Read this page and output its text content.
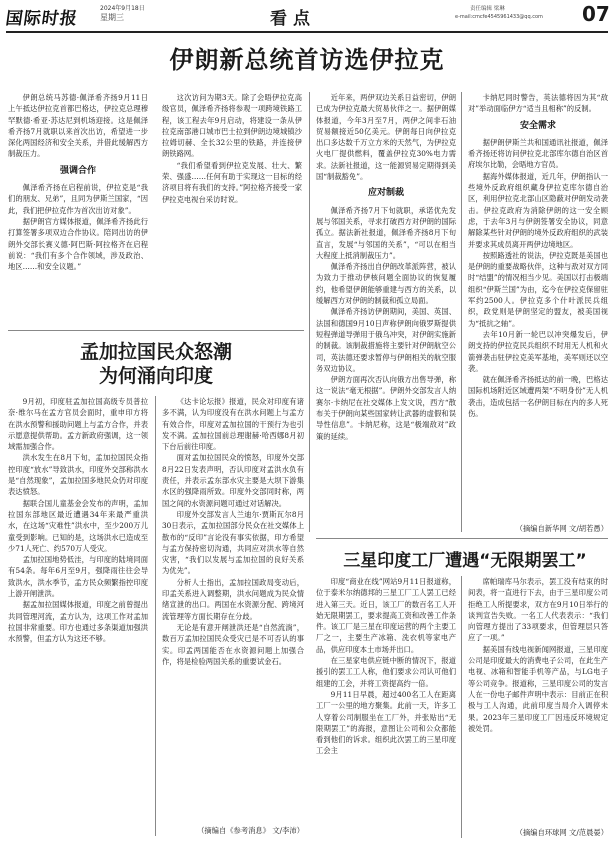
国际时报
2024年9月18日
星期三	看点	责任编辑 梁琳
e-mail:cmcfe4545961433@qq.com 07
伊朗新总统首访选伊拉克

伊朗总统马苏德·佩泽希齐扬9月11日上午抵达伊拉克首都巴格达，伊拉克总理穆罕默德·希亚·苏达尼到机场迎接。这是佩泽希齐扬7月就职以来首次出访，希望进一步深化两国经济和安全关系，并借此缓解西方制裁压力。

强调合作

佩泽希齐扬在启程前说，伊拉克是“我们的朋友、兄弟”，且同为伊斯兰国家，“因此，我们把伊拉克作为首次出访对象”。

据伊朗官方媒体报道，佩泽希齐扬此行打算签署多项双边合作协议。陪同出访的伊朗外交部长赛义德·阿巴斯·阿拉格齐在启程前说：“我们有多个合作领域，涉及政治、地区……和安全议题。”

这次访问为期3天。除了会晤伊拉克高级官员，佩泽希齐扬将参观一项跨境铁路工程，该工程去年9月启动，将建设一条从伊拉克南部港口城市巴士拉到伊朗边境城镇沙拉姆切赫、全长32公里的铁路，并连接伊朗铁路网。

“我们希望看到伊拉克发展、壮大、繁荣、强盛……任何有助于实现这一目标的经济项目将有我们的支持。”阿拉格齐接受一家伊拉克电视台采访时说。

近年来，两伊双边关系日益密切，伊朗已成为伊拉克最大贸易伙伴之一。据伊朗媒体报道，今年3月至7月，两伊之间非石油贸易额接近50亿美元。伊朗每日向伊拉克出口多达数千万立方米的天然气，为伊拉克火电厂提供燃料，覆盖伊拉克30%电力需求。法新社报道，这一能源贸易定期得到美国“制裁豁免”。

应对制裁

佩泽希齐扬7月下旬就职，承诺优先发展与邻国关系，寻求打破西方对伊朗的国际孤立。据法新社报道，佩泽希齐扬8月下旬直言，发展“与邻国的关系”，“可以在相当大程度上抵消制裁压力”。

佩泽希齐扬出自伊朗改革派阵营，被认为致力于推动伊核问题全面协议的恢复履约，他希望伊朗能够重建与西方的关系，以缓解西方对伊朗的制裁和孤立局面。

佩泽希齐扬访伊朗期间，美国、英国、法国和德国9月10日声称伊朗向俄罗斯提供短程弹道导弹用于俄乌冲突，对伊朗实施新的制裁。该制裁措施将主要针对伊朗航空公司，英法德还要求暂停与伊朗相关的航空服务双边协议。

伊朗方面再次否认向俄方出售导弹，称这一说法“毫无根据”。伊朗外交部发言人纳赛尔·卡纳尼在社交媒体上发文说，西方“散布关于伊朗向某些国家转让武器的虚假和误导性信息”。卡纳尼称，这是“极端敌对”政策的延续。

卡纳尼同时警告，英法德将因为其“敌对”举动面临伊方“适当且相称”的反制。

安全需求

据伊朗伊斯兰共和国通讯社报道，佩泽希齐扬还将访问伊拉克北部库尔德自治区首府埃尔比勒，会晤地方官员。

据海外媒体报道，近几年，伊朗指认一些境外反政府组织藏身伊拉克库尔德自治区，利用伊拉克北部山区隐蔽对伊朗发动袭击。伊拉克政府为消除伊朗的这一安全顾虑，于去年3月与伊朗签署安全协议，同意解除某些针对伊朗的境外反政府组织的武装并要求其成员离开两伊边境地区。

按照路透社的说法，伊拉克既是美国也是伊朗的重要战略伙伴，这种与敌对双方同时“结盟”的情况相当少见。美国以打击极端组织“伊斯兰国”为由，迄今在伊拉克保留驻军约2500人。伊拉克多个什叶派民兵组织，政党则是伊朗坚定的盟友，被美国视为“抵抗之轴”。

去年10月新一轮巴以冲突爆发后，伊朗支持的伊拉克民兵组织不时用无人机和火箭弹袭击驻伊拉克美军基地，美军则还以空袭。

就在佩泽希齐扬抵达的前一晚，巴格达国际机场附近区域遭两架“不明身份”无人机袭击，造成包括一名伊朗目标在内的多人死伤。

（摘编自新华网 文/胡若愚）
孟加拉国民众怒潮
为何涌向印度

9月初，印度驻孟加拉国高级专员普拉奈·维尔马在孟方官员会面时，重申印方将在洪水预警和援助问题上与孟方合作，并表示愿意提供帮助。孟方新政府强调，这一领域需加强合作。

洪水发生在8月下旬，孟加拉国民众指控印度“放水”导致洪水，印度外交部称洪水是“自然现象”，孟加拉国多地民众仍对印度表达愤怒。

据联合国儿童基金会发布的声明，孟加拉国东部地区最近遭遇34年来最严重洪水，在这场“灾难性”洪水中，至少200万儿童受到影响。已知的是，这场洪水已造成至少71人死亡、约570万人受灾。

孟加拉国地势低洼，与印度的陆境同面有54条。每年6月至9月，强降雨往往会导致洪水，洪水季节，孟方民众频繁指控印度上游开闸泄洪。

据孟加拉国媒体报道，印度之前曾提出共同管理河流，孟方认为，这项工作对孟加拉国非常重要。印方也通过多条渠道加强洪水预警，但孟方认为这还不够。

《达卡论坛报》报道，民众对印度有诸多不满，认为印度没有在洪水问题上与孟方有效合作，印度对孟加拉国的干预行为也引发不满。孟加拉国前总理谢赫·哈西娜8月初下台后前往印度。

面对孟加拉国民众的愤怒，印度外交部8月22日发表声明，否认印度对孟洪水负有责任，并表示孟东部水灾主要是大坝下游集水区的强降雨所致。印度外交部同时称，两国之间的水资源问题可通过对话解决。

印度外交部发言人兰迪尔·贾斯瓦尔8月30日表示，孟加拉国部分民众在社交媒体上散布的“反印”言论没有事实依据，印方希望与孟方保持密切沟通，共同应对洪水等自然灾害，“我们以发展与孟加拉国的良好关系为优先”。

分析人士指出，孟加拉国政局变动后，印孟关系进入调整期，洪水问题成为民众情绪宣泄的出口。两国在水资源分配、跨境河流管理等方面长期存在分歧。

无论是有意开闸泄洪还是“自然流淌”，数百万孟加拉国民众受灾已是不可否认的事实。印孟两国能否在水资源问题上加强合作，将是检验两国关系的重要试金石。

（摘编自《参考消息》 文/李沛）
三星印度工厂遭遇“无限期罢工”

印度“商业在线”网站9月11日报道称，位于泰米尔纳德邦的三星工厂工人罢工已经进入第三天。近日，该工厂的数百名工人开始无限期罢工，要求提高工资和改善工作条件。该工厂是三星在印度运营的两个主要工厂之一，主要生产冰箱、洗衣机等家电产品，供应印度本土市场并出口。

在三星家电供应链中断的情况下，报道援引的罢工工人称，他们要求公司认可他们组建的工会，并将工资提高约一倍。

9月11日早晨，超过400名工人在距离工厂一公里的地方聚集。此前一天，许多工人穿着公司制服坐在工厂外，并张贴出“无限期罢工”的海报，意图让公司和公众都能看到他们的诉求。组织此次罢工的三星印度工会主

席帕瑞库马尔表示，罢工没有结束的时间表，将一直进行下去，由于三星印度公司拒绝工人所提要求，双方在9月10日举行的谈判宣告失败。一名工人代表表示：“我们向管理方提出了33项要求，但管理层只答应了一项。”

据美国有线电视新闻网报道，三星印度公司是印度最大的消费电子公司，在此生产电视、冰箱和智能手机等产品，与LG电子等公司竞争。报道称，三星印度公司的发言人在一份电子邮件声明中表示：目前正在积极与工人沟通，此前印度当局介入调停未果。2023年三星印度工厂因违反环境规定被处罚。

（摘编自环球网 文/范晨晏）
